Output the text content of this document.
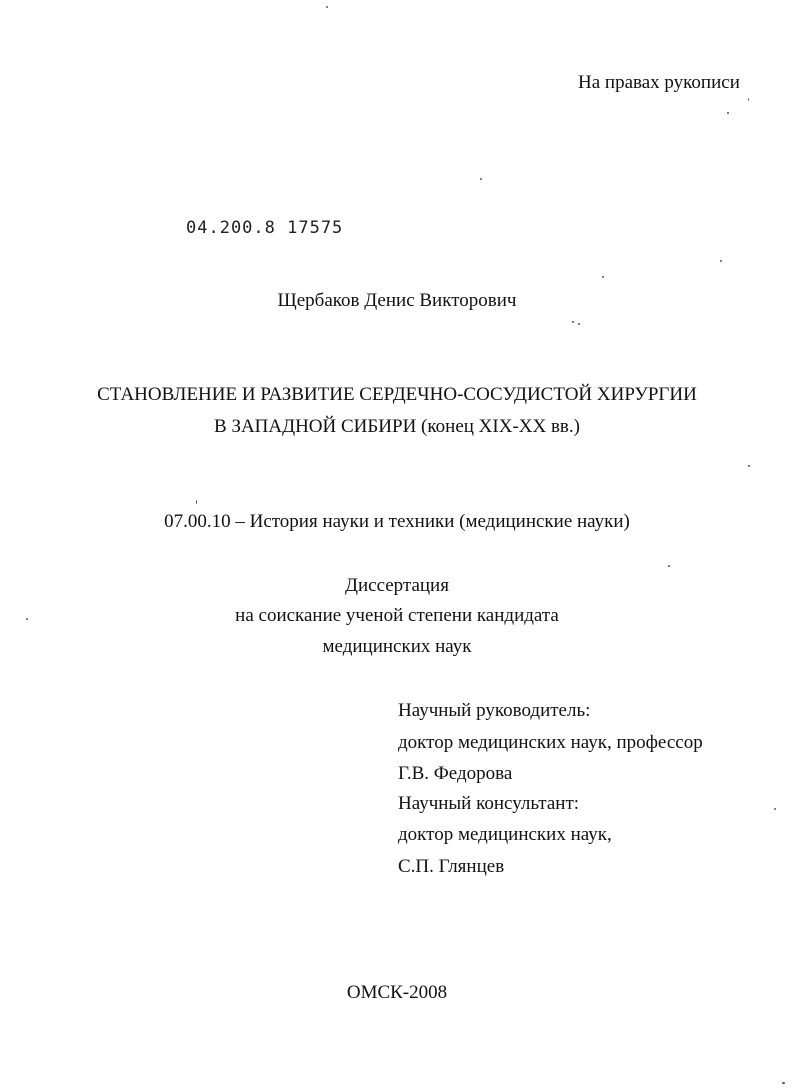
На правах рукописи
04.200.8 17575
Щербаков Денис Викторович
СТАНОВЛЕНИЕ И РАЗВИТИЕ СЕРДЕЧНО-СОСУДИСТОЙ ХИРУРГИИ
В ЗАПАДНОЙ СИБИРИ (конец XIX-XX вв.)
07.00.10 – История науки и техники (медицинские науки)
Диссертация
на соискание ученой степени кандидата
медицинских наук
Научный руководитель:
доктор медицинских наук, профессор
Г.В. Федорова
Научный консультант:
доктор медицинских наук,
С.П. Глянцев
ОМСК-2008
